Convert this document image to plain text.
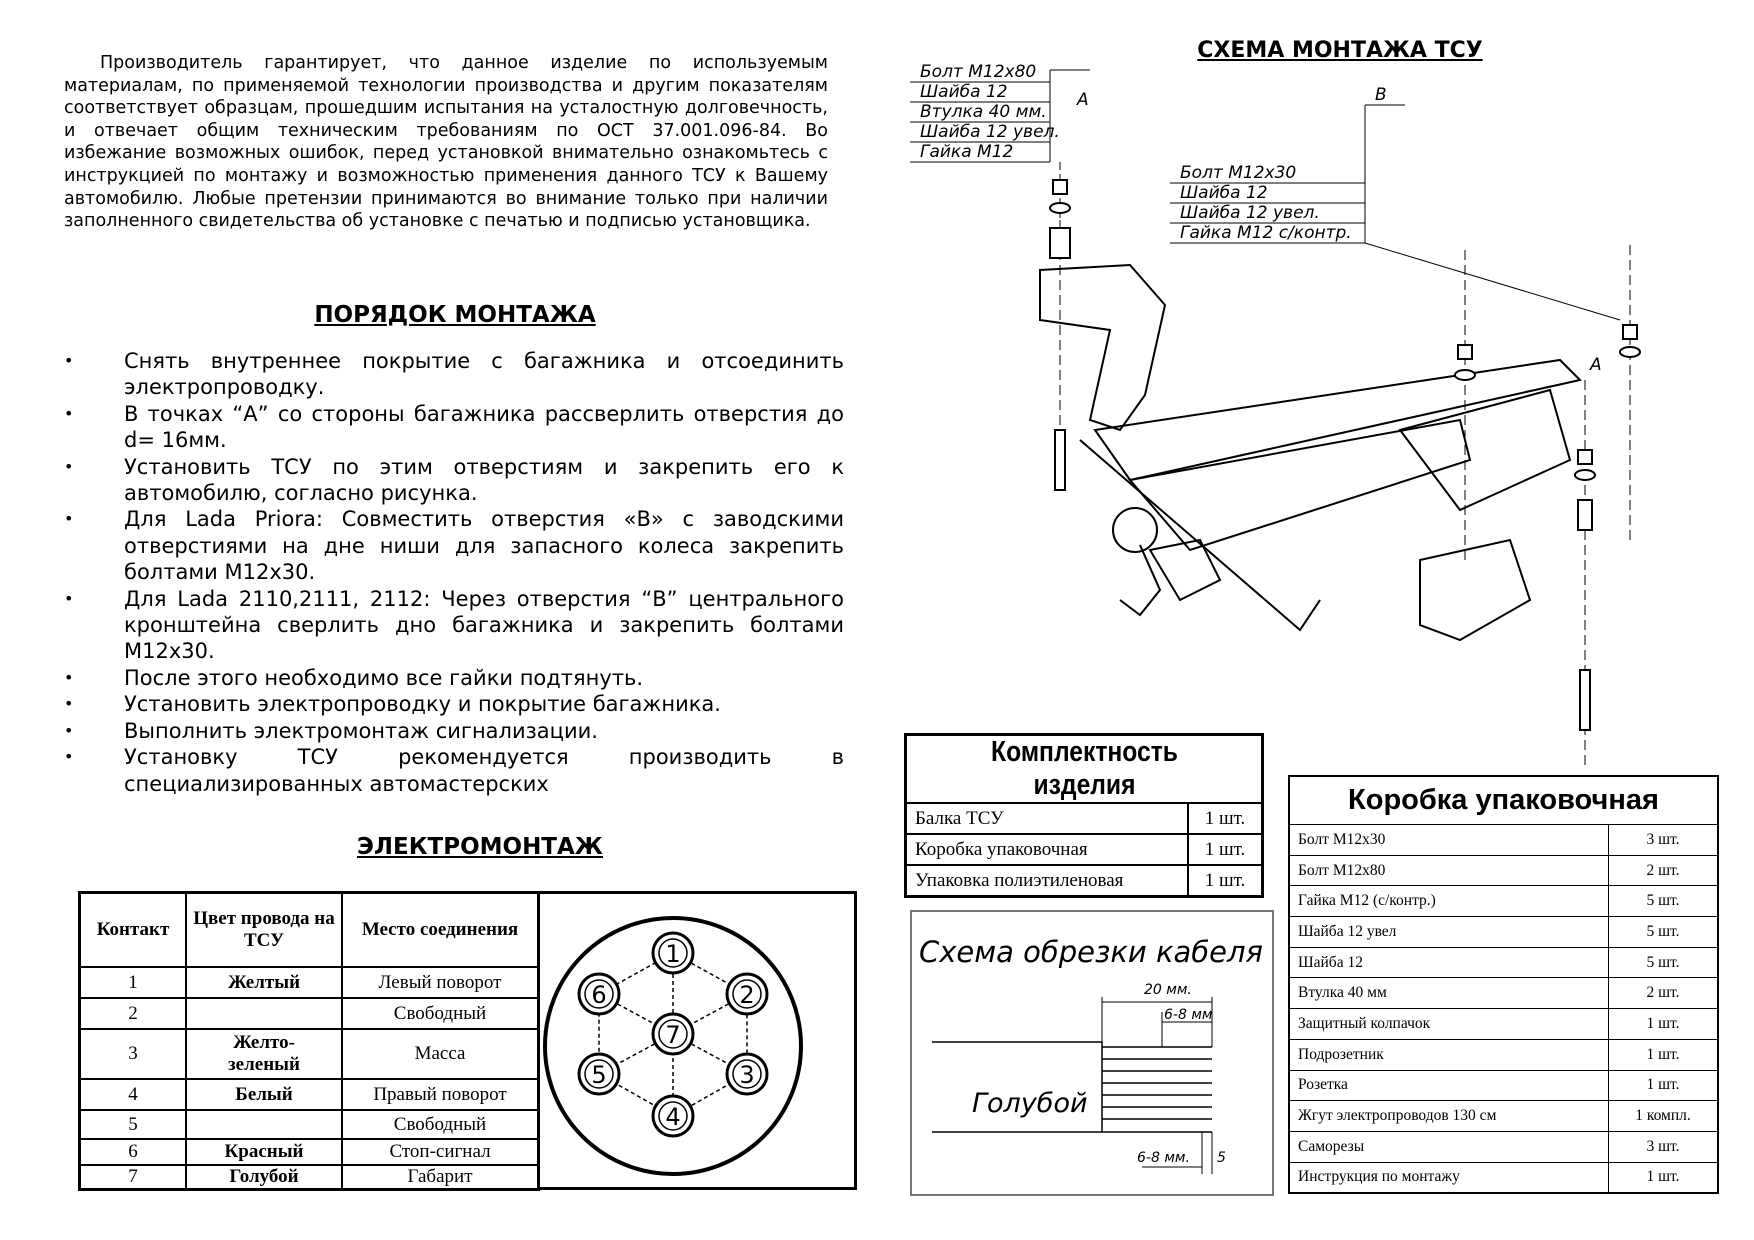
Производитель гарантирует, что данное изделие по используемым материалам, по применяемой технологии производства и другим показателям соответствует образцам, прошедшим испытания на усталостную долговечность, и отвечает общим техническим требованиям по ОСТ 37.001.096-84. Во избежание возможных ошибок, перед установкой внимательно ознакомьтесь с инструкцией по монтажу и возможностью применения данного ТСУ к Вашему автомобилю. Любые претензии принимаются во внимание только при наличии заполненного свидетельства об установке с печатью и подписью установщика.

ПОРЯДОК МОНТАЖА
• Снять внутреннее покрытие с багажника и отсоединить электропроводку.
• В точках “А” со стороны багажника рассверлить отверстия до d= 16мм.
• Установить ТСУ по этим отверстиям и закрепить его к автомобилю, согласно рисунка.
• Для Lada Priora: Совместить отверстия «В» с заводскими отверстиями на дне ниши для запасного колеса закрепить болтами М12х30.
• Для Lada 2110,2111, 2112: Через отверстия “В” центрального кронштейна сверлить дно багажника и закрепить болтами М12х30.
• После этого необходимо все гайки подтянуть.
• Установить электропроводку и покрытие багажника.
• Выполнить электромонтаж сигнализации.
• Установку ТСУ рекомендуется производить в специализированных автомастерских
ЭЛЕКТРОМОНТАЖ
Контакт	Цвет провода на ТСУ	Место соединения
1	Желтый	Левый поворот
2		Свободный
3	Желто-зеленый	Масса
4	Белый	Правый поворот
5		Свободный
6	Красный	Стоп-сигнал
7	Голубой	Габарит
1
2
3
4
5
6
7
СХЕМА МОНТАЖА ТСУ
А
Болт М12х80
Шайба 12
Втулка 40 мм.
Шайба 12 увел.
Гайка М12
В
Болт М12х30
Шайба 12
Шайба 12 увел.
Гайка М12 с/контр.
А
Комплектность изделия	
Балка ТСУ	1 шт.
Коробка упаковочная	1 шт.
Упаковка полиэтиленовая	1 шт.
Схема обрезки кабеля
20 мм.
6-8 мм
6-8 мм. 5
Голубой
Коробка упаковочная	
Болт М12х30	3 шт.
Болт М12х80	2 шт.
Гайка М12 (с/контр.)	5 шт.
Шайба 12 увел	5 шт.
Шайба 12	5 шт.
Втулка 40 мм	2 шт.
Защитный колпачок	1 шт.
Подрозетник	1 шт.
Розетка	1 шт.
Жгут электропроводов 130 см	1 компл.
Саморезы	3 шт.
Инструкция по монтажу	1 шт.
